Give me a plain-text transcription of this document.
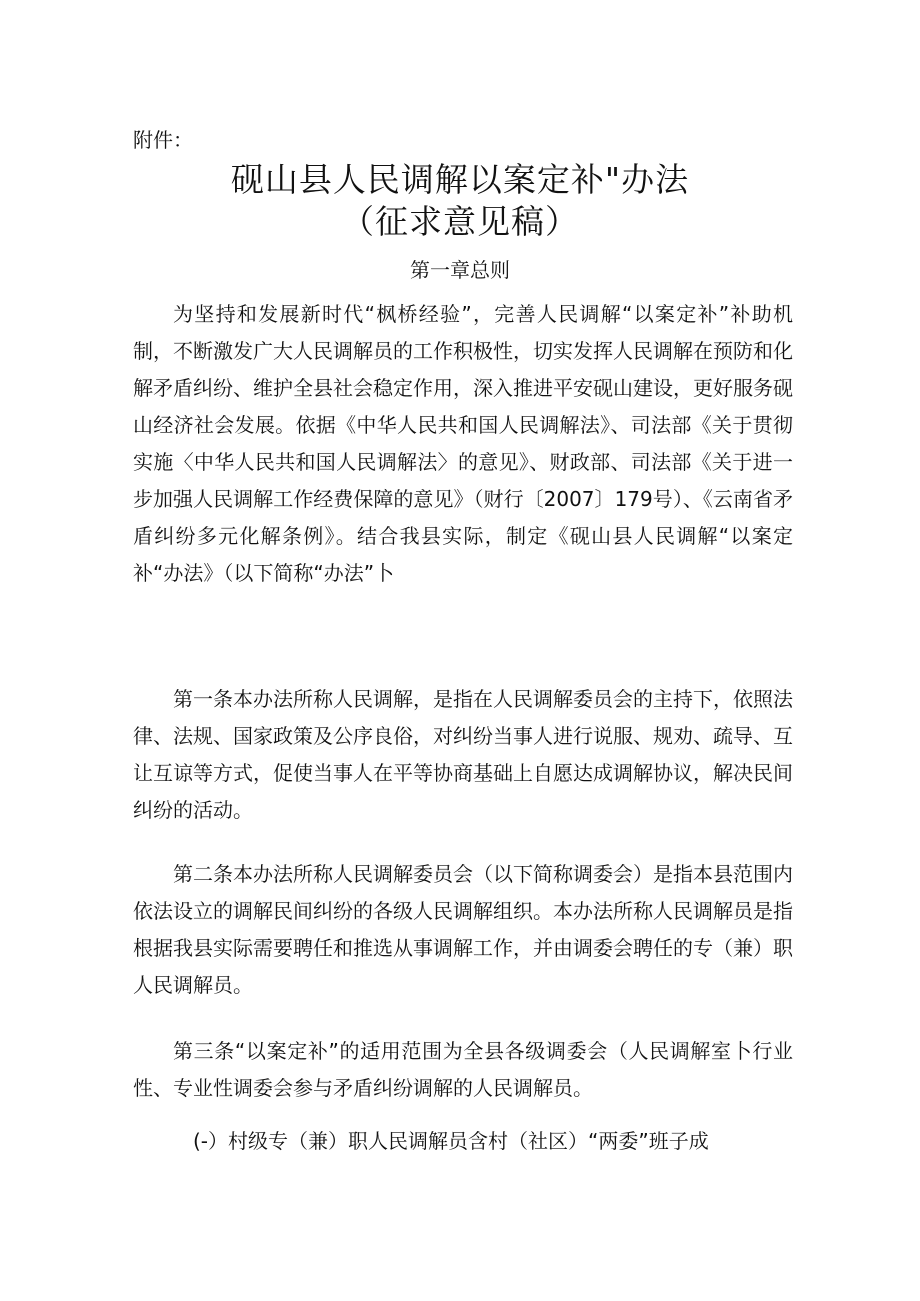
附件：
砚山县人民调解以案定补"办法
（征求意见稿）
第一章总则

为坚持和发展新时代“枫桥经验”，完善人民调解“以案定补”补助机制，不断激发广大人民调解员的工作积极性，切实发挥人民调解在预防和化解矛盾纠纷、维护全县社会稳定作用，深入推进平安砚山建设，更好服务砚山经济社会发展。依据《中华人民共和国人民调解法》、司法部《关于贯彻实施〈中华人民共和国人民调解法〉的意见》、财政部、司法部《关于进一步加强人民调解工作经费保障的意见》（财行〔2007〕179号）、《云南省矛盾纠纷多元化解条例》。结合我县实际，制定《砚山县人民调解“以案定补“办法》（以下简称“办法”卜

第一条本办法所称人民调解，是指在人民调解委员会的主持下，依照法律、法规、国家政策及公序良俗，对纠纷当事人进行说服、规劝、疏导、互让互谅等方式，促使当事人在平等协商基础上自愿达成调解协议，解决民间纠纷的活动。

第二条本办法所称人民调解委员会（以下简称调委会）是指本县范围内依法设立的调解民间纠纷的各级人民调解组织。本办法所称人民调解员是指根据我县实际需要聘任和推选从事调解工作，并由调委会聘任的专（兼）职人民调解员。

第三条“以案定补”的适用范围为全县各级调委会（人民调解室卜行业性、专业性调委会参与矛盾纠纷调解的人民调解员。

(-）村级专（兼）职人民调解员含村（社区）“两委”班子成
